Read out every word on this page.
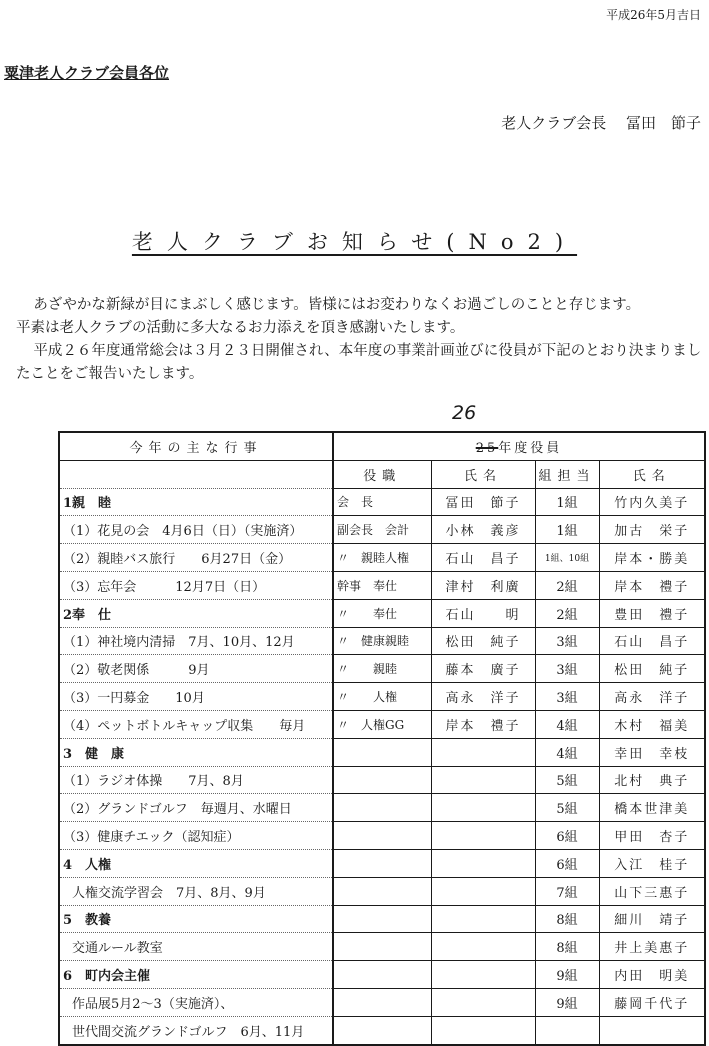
平成26年5月吉日
粟津老人クラブ会員各位
老人クラブ会長　 冨田　節子
老人クラブお知らせ(No2)

あざやかな新緑が目にまぶしく感じます。皆様にはお変わりなくお過ごしのことと存じます。

平素は老人クラブの活動に多大なるお力添えを頂き感謝いたします。

平成２６年度通常総会は３月２３日開催され、本年度の事業計画並びに役員が下記のとおり決まりましたことをご報告いたします。

26
今年の主な行事	25年度役員			
	役職	氏名	組担当	氏名
1親　睦	会　長	冨田　節子	1組	竹内久美子
（1）花見の会　4月6日（日）（実施済）	副会長　会計	小林　義彦	1組	加古　栄子
（2）親睦バス旅行　　6月27日（金）	〃　親睦人権	石山　昌子	1組、10組	岸本・勝美
（3）忘年会　　　12月7日（日）	幹事　奉仕	津村　利廣	2組	岸本　禮子
2奉　仕	〃　　奉仕	石山　　明	2組	豊田　禮子
（1）神社境内清掃　7月、10月、12月	〃　健康親睦	松田　純子	3組	石山　昌子
（2）敬老関係　　　9月	〃　　親睦	藤本　廣子	3組	松田　純子
（3）一円募金　　10月	〃　　人権	高永　洋子	3組	高永　洋子
（4）ペットボトルキャップ収集　　毎月	〃　人権GG	岸本　禮子	4組	木村　福美
3　健　康			4組	幸田　幸枝
（1）ラジオ体操　　7月、8月			5組	北村　典子
（2）グランドゴルフ　毎週月、水曜日			5組	橋本世津美
（3）健康チエック（認知症）			6組	甲田　杏子
4　人権			6組	入江　桂子
人権交流学習会　7月、8月、9月			7組	山下三惠子
5　教養			8組	細川　靖子
交通ルール教室			8組	井上美惠子
6　町内会主催			9組	内田　明美
作品展5月2～3（実施済）、			9組	藤岡千代子
世代間交流グランドゴルフ　6月、11月				
